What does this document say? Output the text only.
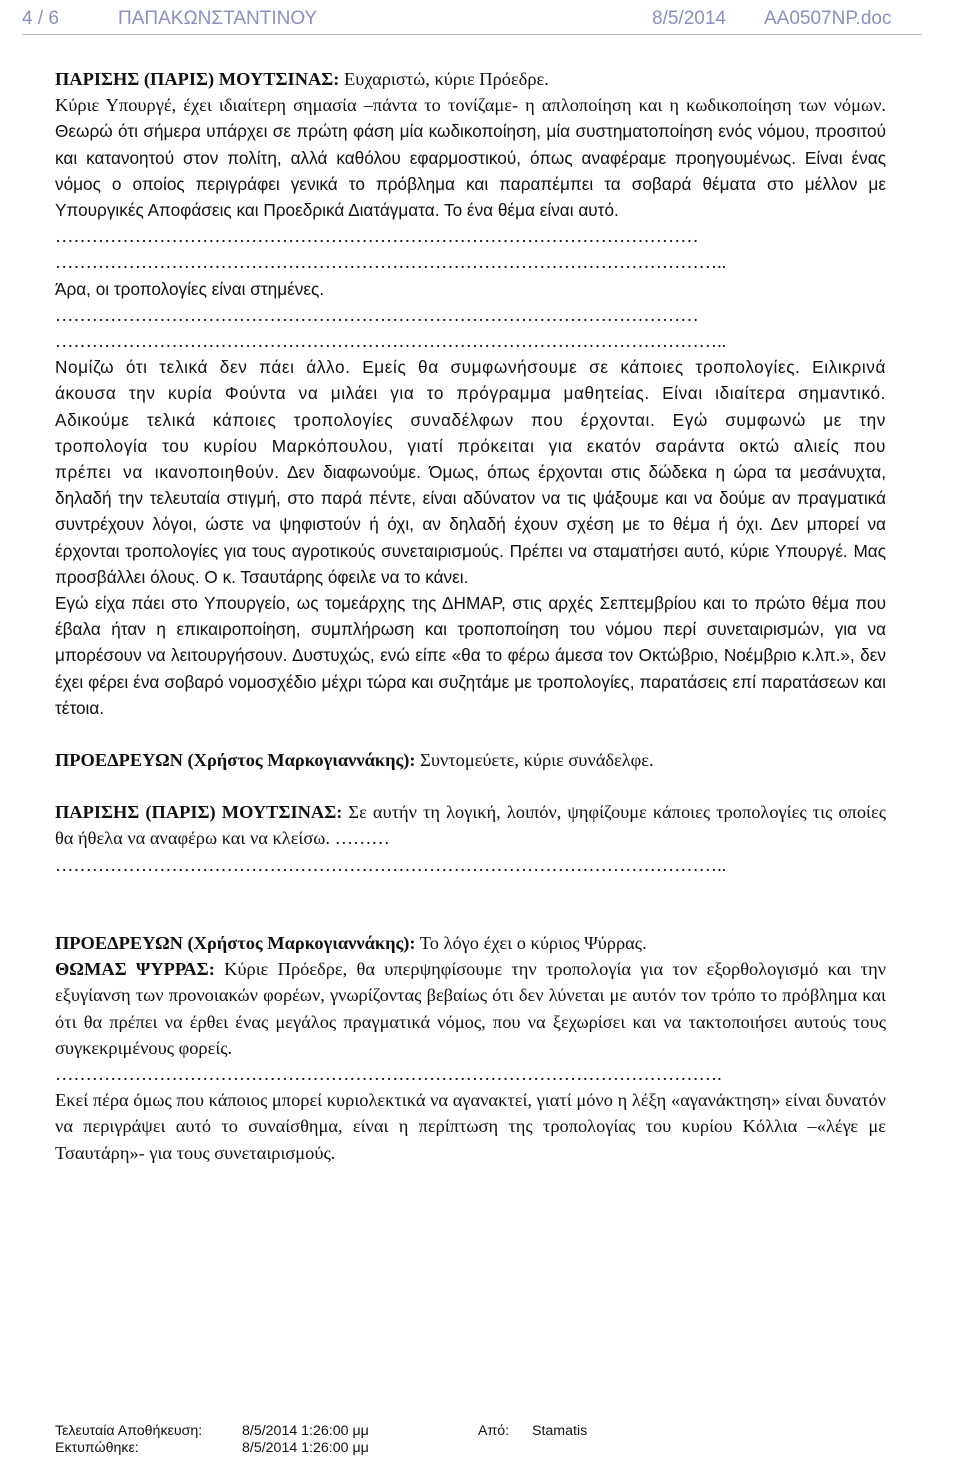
4 / 6	ΠΑΠΑΚΩΝΣΤΑΝΤΙΝΟΥ	8/5/2014 AA0507NP.doc

ΠΑΡΙΣΗΣ (ΠΑΡΙΣ) ΜΟΥΤΣΙΝΑΣ: Ευχαριστώ, κύριε Πρόεδρε.
Κύριε Υπουργέ, έχει ιδιαίτερη σημασία –πάντα το τονίζαμε- η απλοποίηση και η κωδικοποίηση των νόμων. Θεωρώ ότι σήμερα υπάρχει σε πρώτη φάση μία κωδικοποίηση, μία συστηματοποίηση ενός νόμου, προσιτού και κατανοητού στον πολίτη, αλλά καθόλου εφαρμοστικού, όπως αναφέραμε προηγουμένως. Είναι ένας νόμος ο οποίος περιγράφει γενικά το πρόβλημα και παραπέμπει τα σοβαρά θέματα στο μέλλον με Υπουργικές Αποφάσεις και Προεδρικά Διατάγματα. Το ένα θέμα είναι αυτό.

……………………………………………………………………………………………

………………………………………………………………………………………………..

Άρα, οι τροπολογίες είναι στημένες.

……………………………………………………………………………………………

………………………………………………………………………………………………..

Νομίζω ότι τελικά δεν πάει άλλο. Εμείς θα συμφωνήσουμε σε κάποιες τροπολογίες. Ειλικρινά άκουσα την κυρία Φούντα να μιλάει για το πρόγραμμα μαθητείας. Είναι ιδιαίτερα σημαντικό. Αδικούμε τελικά κάποιες τροπολογίες συναδέλφων που έρχονται. Εγώ συμφωνώ με την τροπολογία του κυρίου Μαρκόπουλου, γιατί πρόκειται για εκατόν σαράντα οκτώ αλιείς που πρέπει να ικανοποιηθούν. Δεν διαφωνούμε. Όμως, όπως έρχονται στις δώδεκα η ώρα τα μεσάνυχτα, δηλαδή την τελευταία στιγμή, στο παρά πέντε, είναι αδύνατον να τις ψάξουμε και να δούμε αν πραγματικά συντρέχουν λόγοι, ώστε να ψηφιστούν ή όχι, αν δηλαδή έχουν σχέση με το θέμα ή όχι. Δεν μπορεί να έρχονται τροπολογίες για τους αγροτικούς συνεταιρισμούς. Πρέπει να σταματήσει αυτό, κύριε Υπουργέ. Μας προσβάλλει όλους. Ο κ. Τσαυτάρης όφειλε να το κάνει.

Εγώ είχα πάει στο Υπουργείο, ως τομεάρχης της ΔΗΜΑΡ, στις αρχές Σεπτεμβρίου και το πρώτο θέμα που έβαλα ήταν η επικαιροποίηση, συμπλήρωση και τροποποίηση του νόμου περί συνεταιρισμών, για να μπορέσουν να λειτουργήσουν. Δυστυχώς, ενώ είπε «θα το φέρω άμεσα τον Οκτώβριο, Νοέμβριο κ.λπ.», δεν έχει φέρει ένα σοβαρό νομοσχέδιο μέχρι τώρα και συζητάμε με τροπολογίες, παρατάσεις επί παρατάσεων και τέτοια.

ΠΡΟΕΔΡΕΥΩΝ (Χρήστος Μαρκογιαννάκης): Συντομεύετε, κύριε συνάδελφε.

ΠΑΡΙΣΗΣ (ΠΑΡΙΣ) ΜΟΥΤΣΙΝΑΣ: Σε αυτήν τη λογική, λοιπόν, ψηφίζουμε κάποιες τροπολογίες τις οποίες θα ήθελα να αναφέρω και να κλείσω. ………

………………………………………………………………………………………………..

ΠΡΟΕΔΡΕΥΩΝ (Χρήστος Μαρκογιαννάκης): Το λόγο έχει ο κύριος Ψύρρας.

ΘΩΜΑΣ ΨΥΡΡΑΣ: Κύριε Πρόεδρε, θα υπερψηφίσουμε την τροπολογία για τον εξορθολογισμό και την εξυγίανση των προνοιακών φορέων, γνωρίζοντας βεβαίως ότι δεν λύνεται με αυτόν τον τρόπο το πρόβλημα και ότι θα πρέπει να έρθει ένας μεγάλος πραγματικά νόμος, που να ξεχωρίσει και να τακτοποιήσει αυτούς τους συγκεκριμένους φορείς.

……………………………………………………………………………………………….

Εκεί πέρα όμως που κάποιος μπορεί κυριολεκτικά να αγανακτεί, γιατί μόνο η λέξη «αγανάκτηση» είναι δυνατόν να περιγράψει αυτό το συναίσθημα, είναι η περίπτωση της τροπολογίας του κυρίου Κόλλια –«λέγε με Τσαυτάρη»- για τους συνεταιρισμούς.

Τελευταία Αποθήκευση:	8/5/2014 1:26:00 μμ	Από: Stamatis
Εκτυπώθηκε:	8/5/2014 1:26:00 μμ
